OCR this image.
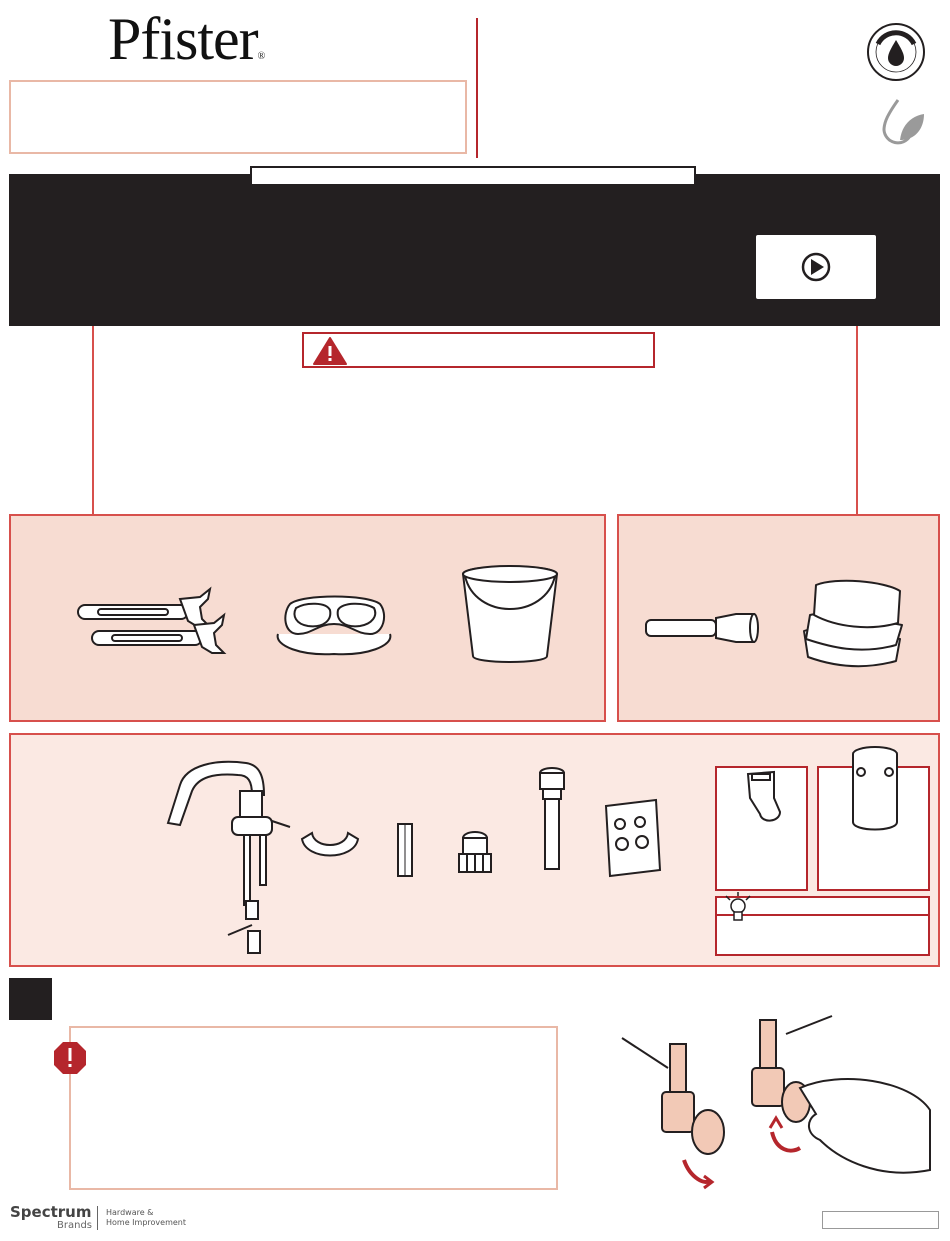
Pfister®
Spectrum
Brands
Hardware &
Home Improvement
